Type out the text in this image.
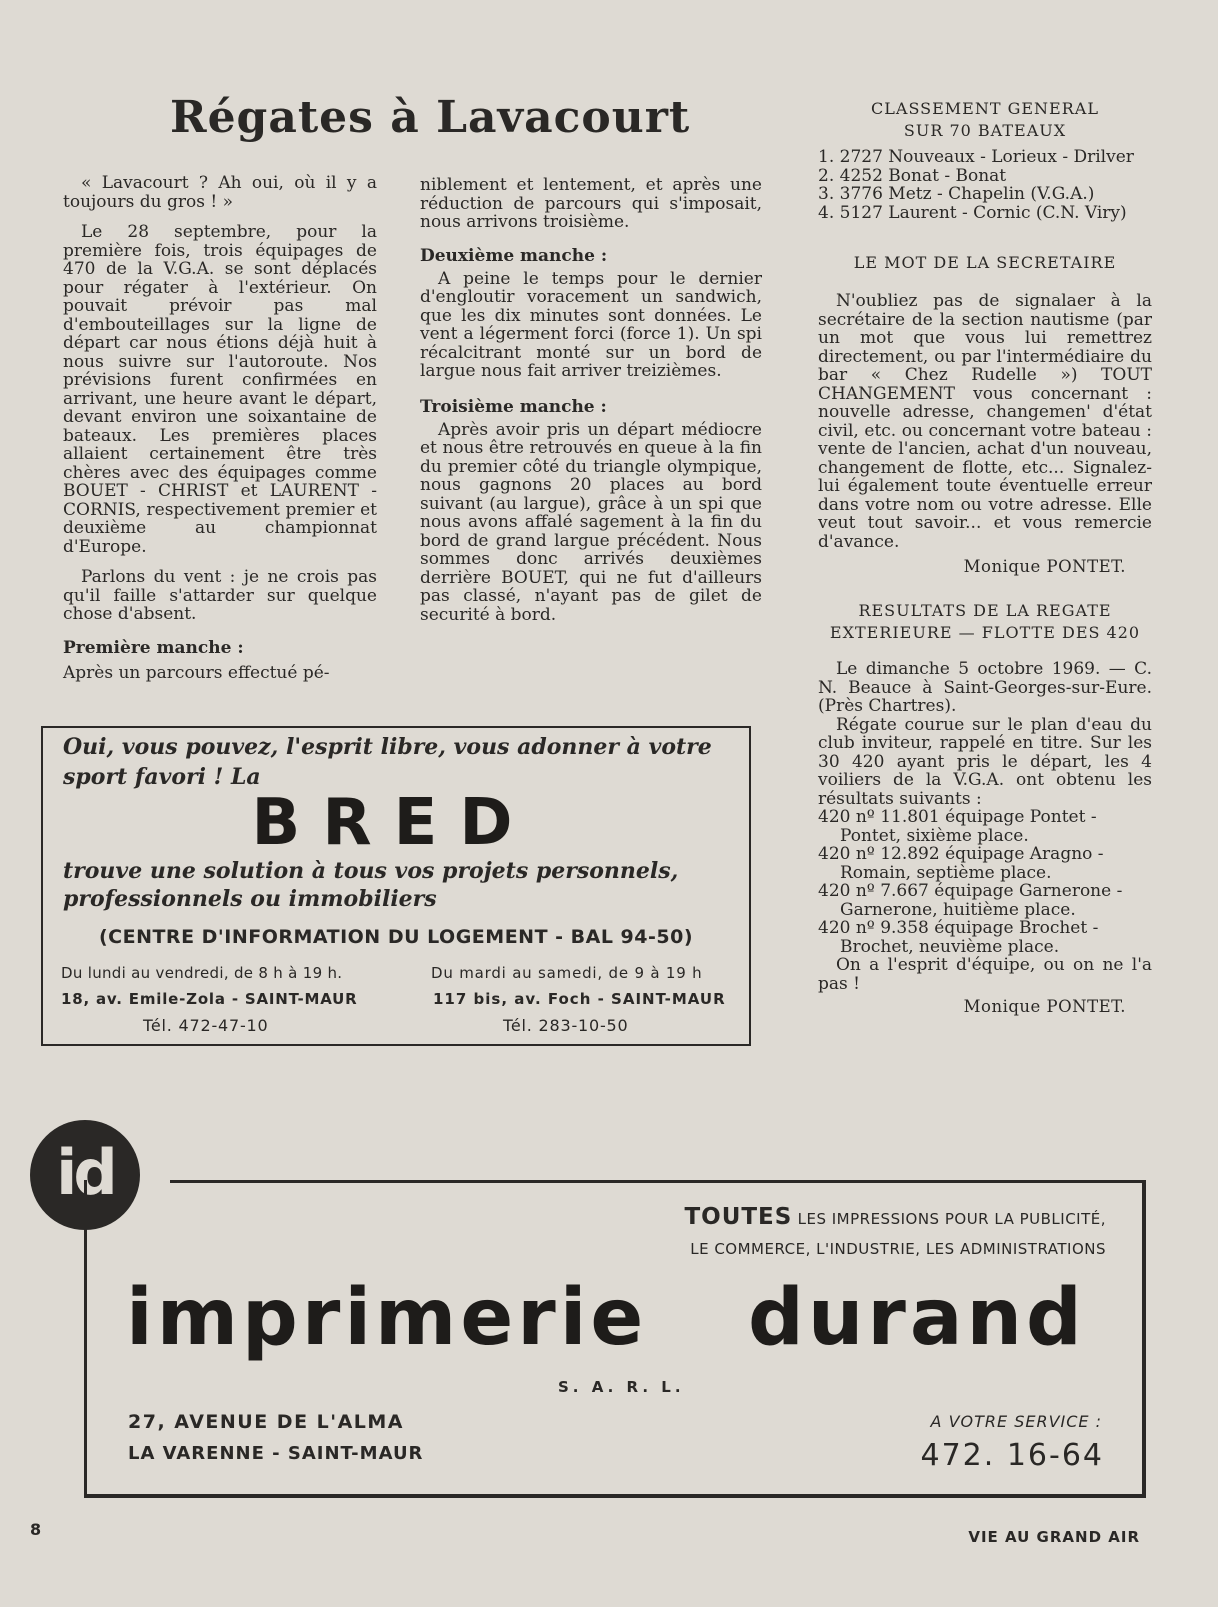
Régates à Lavacourt

« Lavacourt ? Ah oui, où il y a toujours du gros ! »

Le 28 septembre, pour la première fois, trois équipages de 470 de la V.G.A. se sont déplacés pour régater à l'extérieur. On pouvait prévoir pas mal d'embouteillages sur la ligne de départ car nous étions déjà huit à nous suivre sur l'autoroute. Nos prévisions furent confirmées en arrivant, une heure avant le départ, devant environ une soixantaine de bateaux. Les premières places allaient certainement être très chères avec des équipages comme BOUET - CHRIST et LAURENT - CORNIS, respectivement premier et deuxième au championnat d'Europe.

Parlons du vent : je ne crois pas qu'il faille s'attarder sur quelque chose d'absent.

Première manche :

Après un parcours effectué pé-

niblement et lentement, et après une réduction de parcours qui s'imposait, nous arrivons troisième.

Deuxième manche :

A peine le temps pour le dernier d'engloutir voracement un sandwich, que les dix minutes sont données. Le vent a légerment forci (force 1). Un spi récalcitrant monté sur un bord de largue nous fait arriver treizièmes.

Troisième manche :

Après avoir pris un départ médiocre et nous être retrouvés en queue à la fin du premier côté du triangle olympique, nous gagnons 20 places au bord suivant (au largue), grâce à un spi que nous avons affalé sagement à la fin du bord de grand largue précédent. Nous sommes donc arrivés deuxièmes derrière BOUET, qui ne fut d'ailleurs pas classé, n'ayant pas de gilet de securité à bord.

CLASSEMENT GENERAL
SUR 70 BATEAUX
1. 2727 Nouveaux - Lorieux - Drilver
2. 4252 Bonat - Bonat
3. 3776 Metz - Chapelin (V.G.A.)
4. 5127 Laurent - Cornic (C.N. Viry)
LE MOT DE LA SECRETAIRE

N'oubliez pas de signalaer à la secrétaire de la section nautisme (par un mot que vous lui remettrez directement, ou par l'intermédiaire du bar « Chez Rudelle ») TOUT CHANGEMENT vous concernant : nouvelle adresse, changemen' d'état civil, etc. ou concernant votre bateau : vente de l'ancien, achat d'un nouveau, changement de flotte, etc... Signalez-lui également toute éventuelle erreur dans votre nom ou votre adresse. Elle veut tout savoir... et vous remercie d'avance.

Monique PONTET.
RESULTATS DE LA REGATE
EXTERIEURE — FLOTTE DES 420

Le dimanche 5 octobre 1969. — C. N. Beauce à Saint-Georges-sur-Eure. (Près Chartres).

Régate courue sur le plan d'eau du club inviteur, rappelé en titre. Sur les 30 420 ayant pris le départ, les 4 voiliers de la V.G.A. ont obtenu les résultats suivants :

420 nº 11.801 équipage Pontet - Pontet, sixième place.
420 nº 12.892 équipage Aragno - Romain, septième place.
420 nº 7.667 équipage Garnerone - Garnerone, huitième place.
420 nº 9.358 équipage Brochet - Brochet, neuvième place.

On a l'esprit d'équipe, ou on ne l'a pas !

Monique PONTET.
Oui, vous pouvez, l'esprit libre, vous adonner à votre
sport favori ! La
BRED
trouve une solution à tous vos projets personnels,
professionnels ou immobiliers
(CENTRE D'INFORMATION DU LOGEMENT - BAL 94-50)
Du lundi au vendredi, de 8 h à 19 h.
18, av. Emile-Zola - SAINT-MAUR
Tél. 472-47-10
Du mardi au samedi, de 9 à 19 h
117 bis, av. Foch - SAINT-MAUR
Tél. 283-10-50
id
TOUTES LES IMPRESSIONS POUR LA PUBLICITÉ,
LE COMMERCE, L'INDUSTRIE, LES ADMINISTRATIONS
imprimerie durand
S. A. R. L.
27, AVENUE DE L'ALMA
LA VARENNE - SAINT-MAUR
A VOTRE SERVICE :
472. 16-64
8	VIE AU GRAND AIR
